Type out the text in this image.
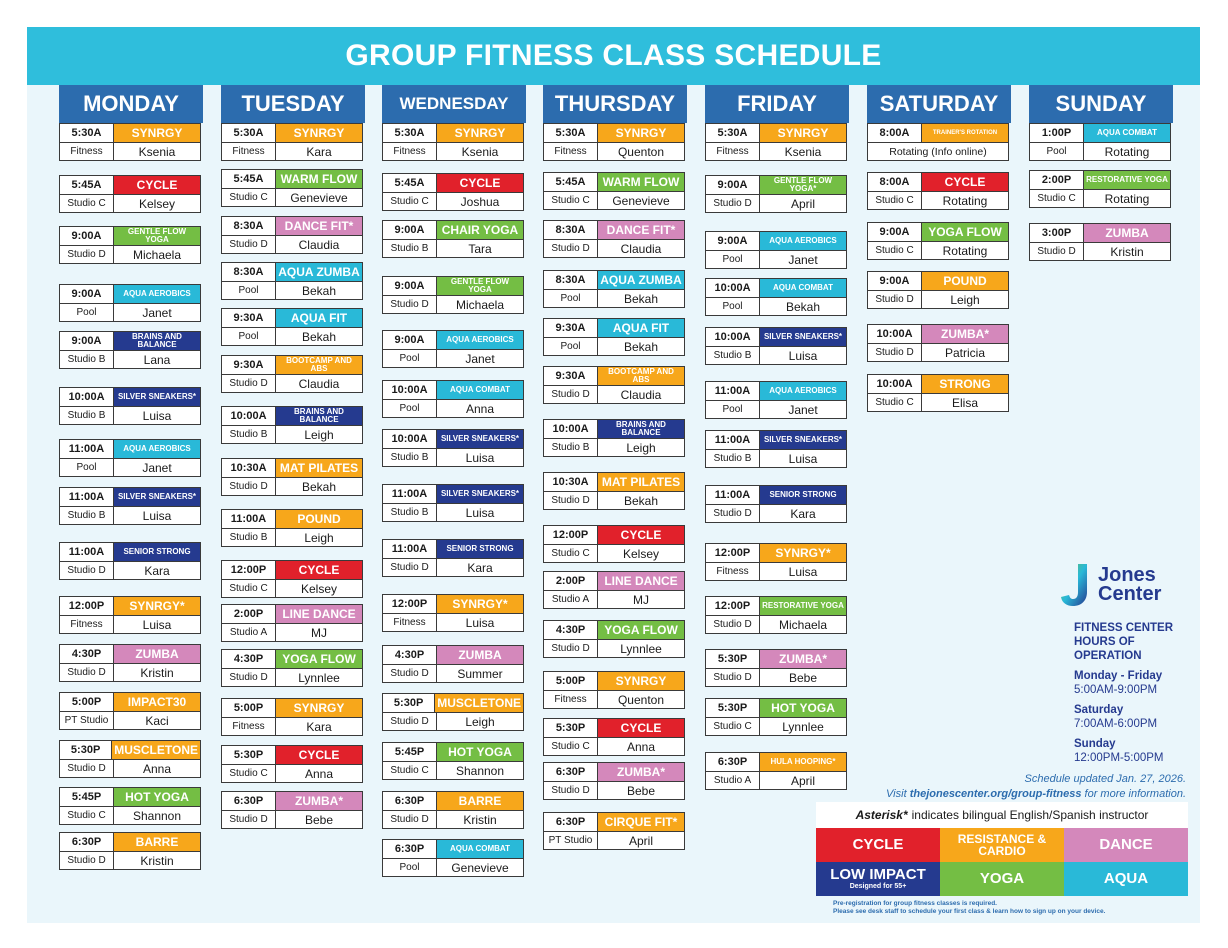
GROUP FITNESS CLASS SCHEDULE
MONDAY
5:30A	SYNRGY
Fitness	Ksenia
5:45A	CYCLE
Studio C	Kelsey
9:00A	GENTLE FLOW YOGA
Studio D	Michaela
9:00A	AQUA AEROBICS
Pool	Janet
9:00A	BRAINS AND BALANCE
Studio B	Lana
10:00A	SILVER SNEAKERS*
Studio B	Luisa
11:00A	AQUA AEROBICS
Pool	Janet
11:00A	SILVER SNEAKERS*
Studio B	Luisa
11:00A	SENIOR STRONG
Studio D	Kara
12:00P	SYNRGY*
Fitness	Luisa
4:30P	ZUMBA
Studio D	Kristin
5:00P	IMPACT30
PT Studio	Kaci
5:30P	MUSCLETONE
Studio D	Anna
5:45P	HOT YOGA
Studio C	Shannon
6:30P	BARRE
Studio D	Kristin
TUESDAY
5:30A	SYNRGY
Fitness	Kara
5:45A	WARM FLOW
Studio C	Genevieve
8:30A	DANCE FIT*
Studio D	Claudia
8:30A	AQUA ZUMBA
Pool	Bekah
9:30A	AQUA FIT
Pool	Bekah
9:30A	BOOTCAMP AND ABS
Studio D	Claudia
10:00A	BRAINS AND BALANCE
Studio B	Leigh
10:30A	MAT PILATES
Studio D	Bekah
11:00A	POUND
Studio B	Leigh
12:00P	CYCLE
Studio C	Kelsey
2:00P	LINE DANCE
Studio A	MJ
4:30P	YOGA FLOW
Studio D	Lynnlee
5:00P	SYNRGY
Fitness	Kara
5:30P	CYCLE
Studio C	Anna
6:30P	ZUMBA*
Studio D	Bebe
WEDNESDAY
5:30A	SYNRGY
Fitness	Ksenia
5:45A	CYCLE
Studio C	Joshua
9:00A	CHAIR YOGA
Studio B	Tara
9:00A	GENTLE FLOW YOGA
Studio D	Michaela
9:00A	AQUA AEROBICS
Pool	Janet
10:00A	AQUA COMBAT
Pool	Anna
10:00A	SILVER SNEAKERS*
Studio B	Luisa
11:00A	SILVER SNEAKERS*
Studio B	Luisa
11:00A	SENIOR STRONG
Studio D	Kara
12:00P	SYNRGY*
Fitness	Luisa
4:30P	ZUMBA
Studio D	Summer
5:30P	MUSCLETONE
Studio D	Leigh
5:45P	HOT YOGA
Studio C	Shannon
6:30P	BARRE
Studio D	Kristin
6:30P	AQUA COMBAT
Pool	Genevieve
THURSDAY
5:30A	SYNRGY
Fitness	Quenton
5:45A	WARM FLOW
Studio C	Genevieve
8:30A	DANCE FIT*
Studio D	Claudia
8:30A	AQUA ZUMBA
Pool	Bekah
9:30A	AQUA FIT
Pool	Bekah
9:30A	BOOTCAMP AND ABS
Studio D	Claudia
10:00A	BRAINS AND BALANCE
Studio B	Leigh
10:30A	MAT PILATES
Studio D	Bekah
12:00P	CYCLE
Studio C	Kelsey
2:00P	LINE DANCE
Studio A	MJ
4:30P	YOGA FLOW
Studio D	Lynnlee
5:00P	SYNRGY
Fitness	Quenton
5:30P	CYCLE
Studio C	Anna
6:30P	ZUMBA*
Studio D	Bebe
6:30P	CIRQUE FIT*
PT Studio	April
FRIDAY
5:30A	SYNRGY
Fitness	Ksenia
9:00A	GENTLE FLOW YOGA*
Studio D	April
9:00A	AQUA AEROBICS
Pool	Janet
10:00A	AQUA COMBAT
Pool	Bekah
10:00A	SILVER SNEAKERS*
Studio B	Luisa
11:00A	AQUA AEROBICS
Pool	Janet
11:00A	SILVER SNEAKERS*
Studio B	Luisa
11:00A	SENIOR STRONG
Studio D	Kara
12:00P	SYNRGY*
Fitness	Luisa
12:00P	RESTORATIVE YOGA
Studio D	Michaela
5:30P	ZUMBA*
Studio D	Bebe
5:30P	HOT YOGA
Studio C	Lynnlee
6:30P	HULA HOOPING*
Studio A	April
SATURDAY
8:00A	TRAINER'S ROTATION
Rotating (Info online)
8:00A	CYCLE
Studio C	Rotating
9:00A	YOGA FLOW
Studio C	Rotating
9:00A	POUND
Studio D	Leigh
10:00A	ZUMBA*
Studio D	Patricia
10:00A	STRONG
Studio C	Elisa
SUNDAY
1:00P	AQUA COMBAT
Pool	Rotating
2:00P	RESTORATIVE YOGA
Studio C	Rotating
3:00P	ZUMBA
Studio D	Kristin
Jones
Center
FITNESS CENTER
HOURS OF
OPERATION
Monday - Friday
5:00AM-9:00PM
Saturday
7:00AM-6:00PM
Sunday
12:00PM-5:00PM
Schedule updated Jan. 27, 2026.
Visit thejonescenter.org/group-fitness for more information.
Asterisk* indicates bilingual English/Spanish instructor
CYCLE	RESISTANCE & CARDIO	DANCE
LOW IMPACT
Designed for 55+	YOGA	AQUA
Pre-registration for group fitness classes is required.
Please see desk staff to schedule your first class & learn how to sign up on your device.
